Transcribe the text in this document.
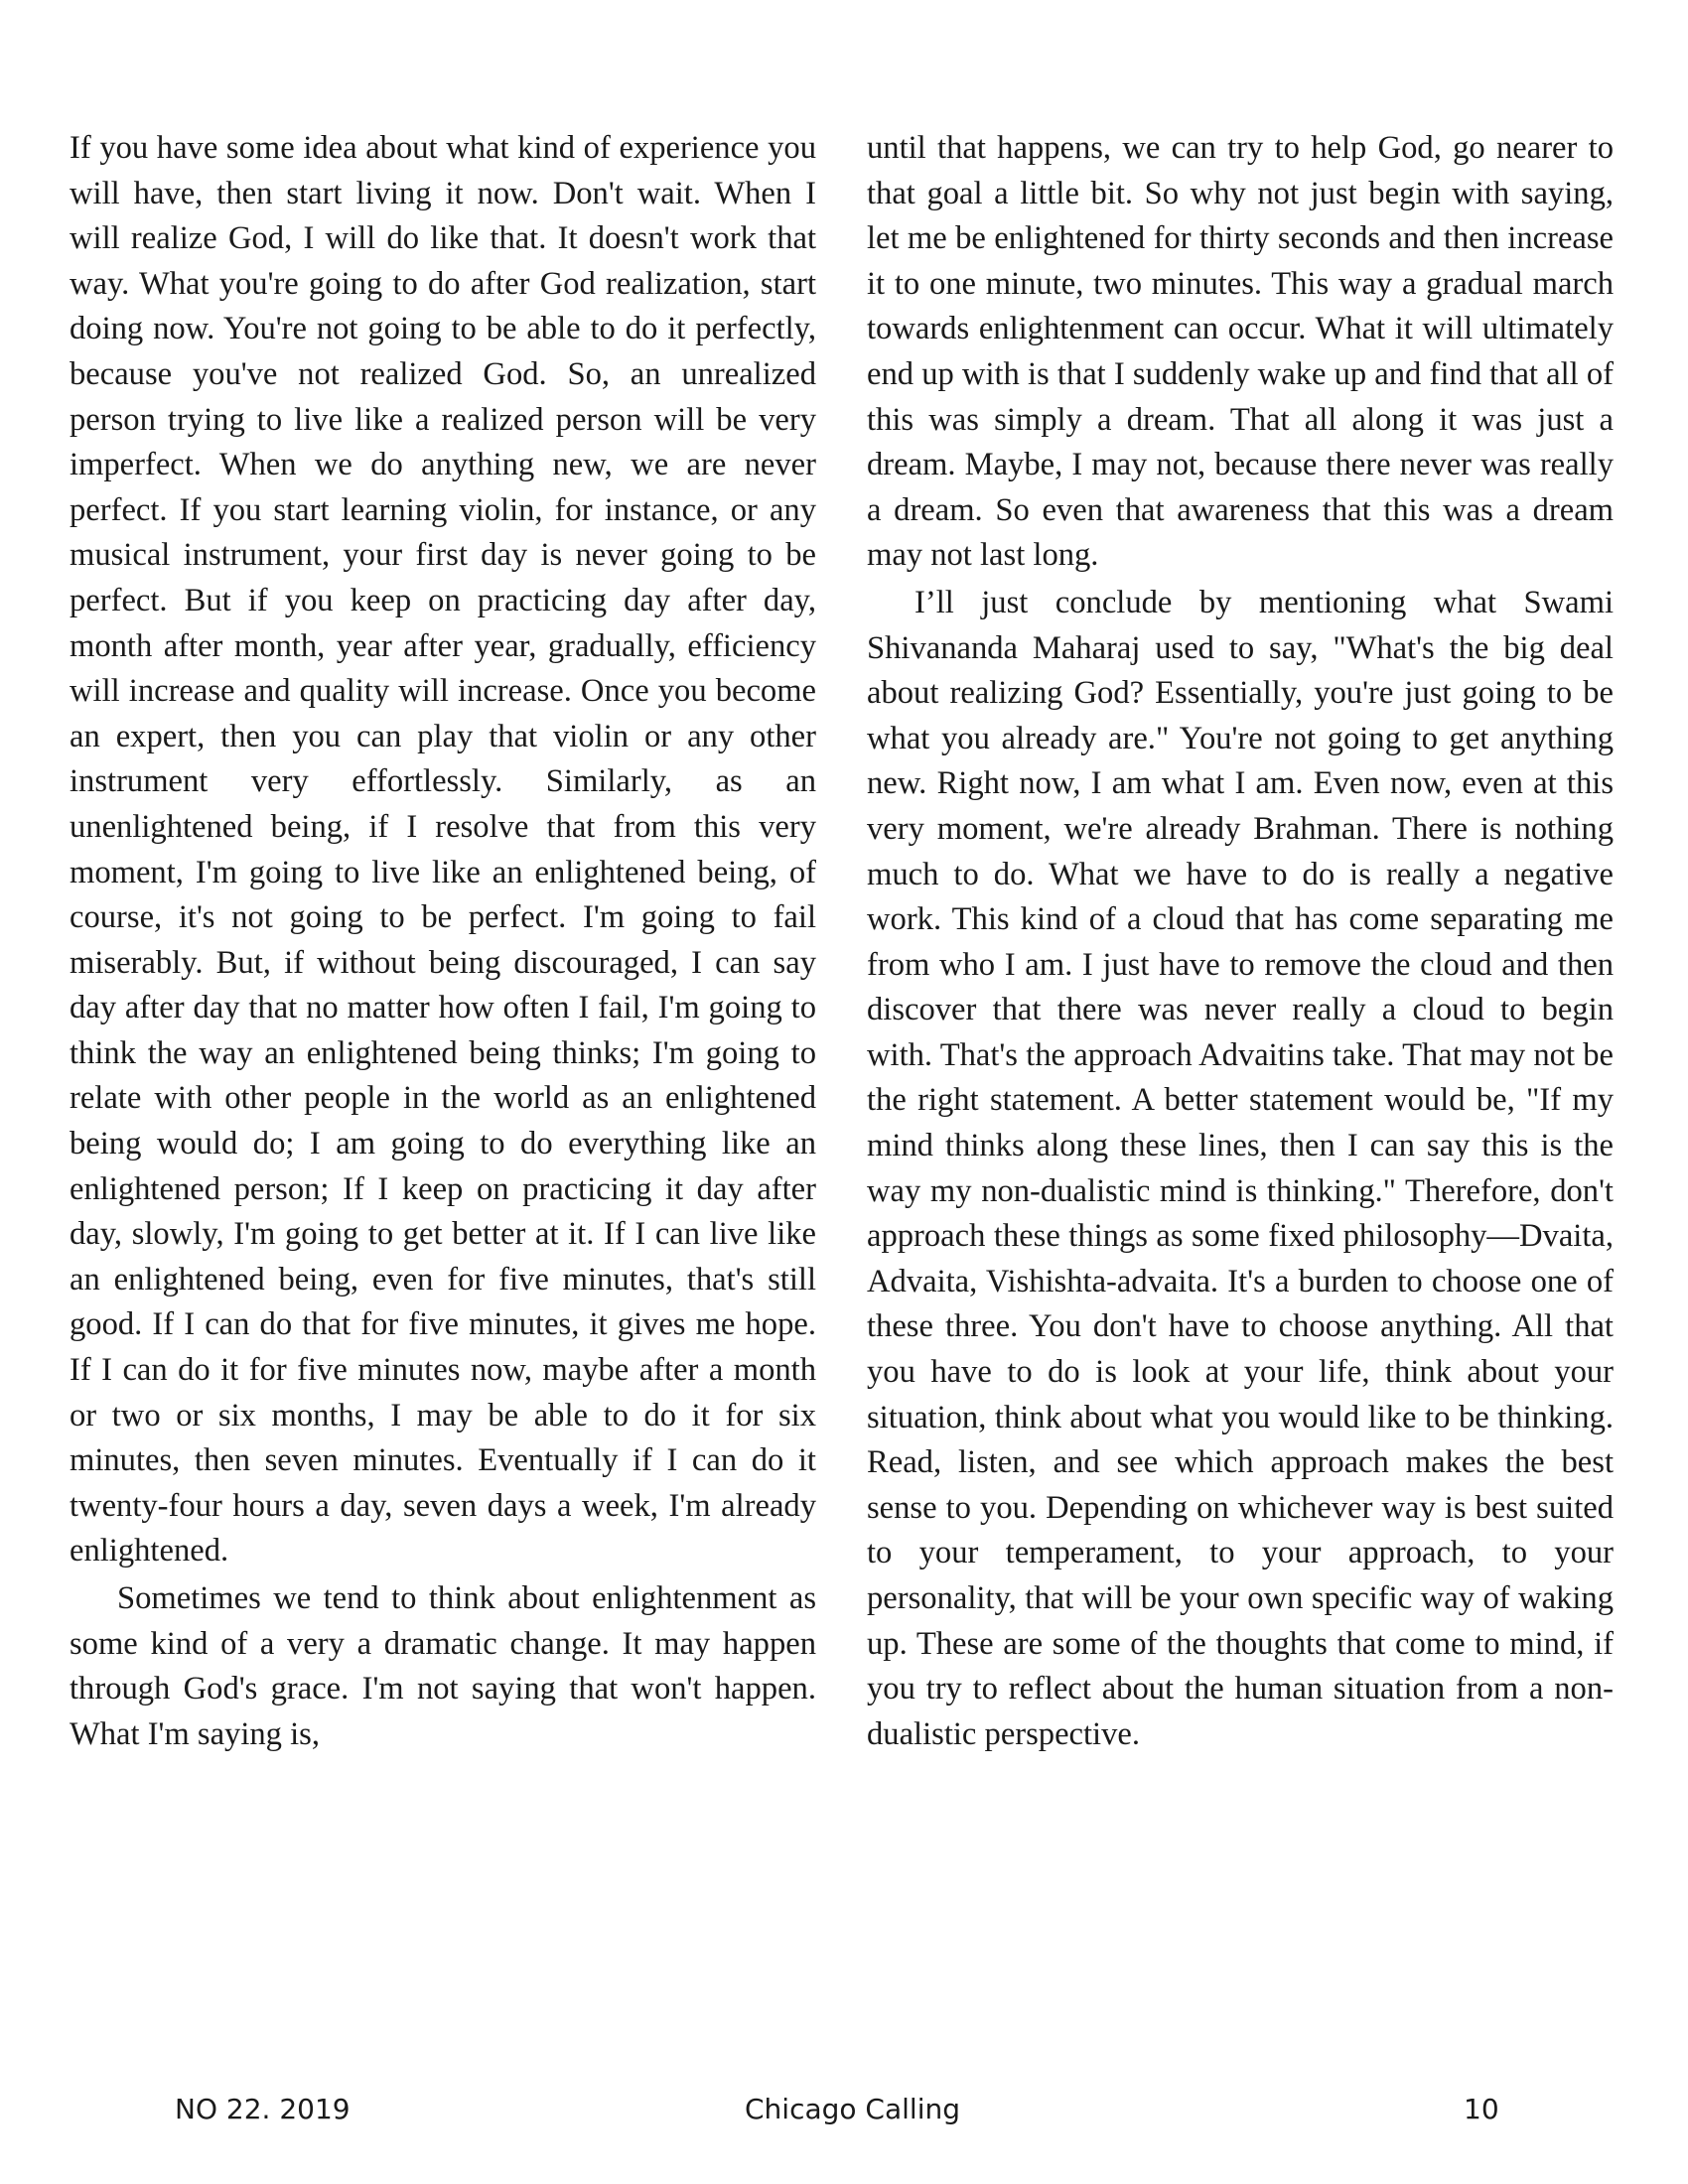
If you have some idea about what kind of experience you will have, then start living it now. Don't wait. When I will realize God, I will do like that. It doesn't work that way. What you're going to do after God realization, start doing now. You're not going to be able to do it perfectly, because you've not realized God. So, an unrealized person trying to live like a realized person will be very imperfect. When we do anything new, we are never perfect. If you start learning violin, for instance, or any musical instrument, your first day is never going to be perfect. But if you keep on practicing day after day, month after month, year after year, gradually, efficiency will increase and quality will increase. Once you become an expert, then you can play that violin or any other instrument very effortlessly. Similarly, as an unenlightened being, if I resolve that from this very moment, I'm going to live like an enlightened being, of course, it's not going to be perfect. I'm going to fail miserably. But, if without being discouraged, I can say day after day that no matter how often I fail, I'm going to think the way an enlightened being thinks; I'm going to relate with other people in the world as an enlightened being would do; I am going to do everything like an enlightened person; If I keep on practicing it day after day, slowly, I'm going to get better at it. If I can live like an enlightened being, even for five minutes, that's still good. If I can do that for five minutes, it gives me hope. If I can do it for five minutes now, maybe after a month or two or six months, I may be able to do it for six minutes, then seven minutes. Eventually if I can do it twenty-four hours a day, seven days a week, I'm already enlightened.

Sometimes we tend to think about enlightenment as some kind of a very a dramatic change. It may happen through God's grace. I'm not saying that won't happen. What I'm saying is,

until that happens, we can try to help God, go nearer to that goal a little bit. So why not just begin with saying, let me be enlightened for thirty seconds and then increase it to one minute, two minutes. This way a gradual march towards enlightenment can occur. What it will ultimately end up with is that I suddenly wake up and find that all of this was simply a dream. That all along it was just a dream. Maybe, I may not, because there never was really a dream. So even that awareness that this was a dream may not last long.

I’ll just conclude by mentioning what Swami Shivananda Maharaj used to say, "What's the big deal about realizing God? Essentially, you're just going to be what you already are." You're not going to get anything new. Right now, I am what I am. Even now, even at this very moment, we're already Brahman. There is nothing much to do. What we have to do is really a negative work. This kind of a cloud that has come separating me from who I am. I just have to remove the cloud and then discover that there was never really a cloud to begin with. That's the approach Advaitins take. That may not be the right statement. A better statement would be, "If my mind thinks along these lines, then I can say this is the way my non-dualistic mind is thinking." Therefore, don't approach these things as some fixed philosophy—Dvaita, Advaita, Vishishta-advaita. It's a burden to choose one of these three. You don't have to choose anything. All that you have to do is look at your life, think about your situation, think about what you would like to be thinking. Read, listen, and see which approach makes the best sense to you. Depending on whichever way is best suited to your temperament, to your approach, to your personality, that will be your own specific way of waking up. These are some of the thoughts that come to mind, if you try to reflect about the human situation from a non-dualistic perspective.

NO 22. 2019	Chicago Calling	10
